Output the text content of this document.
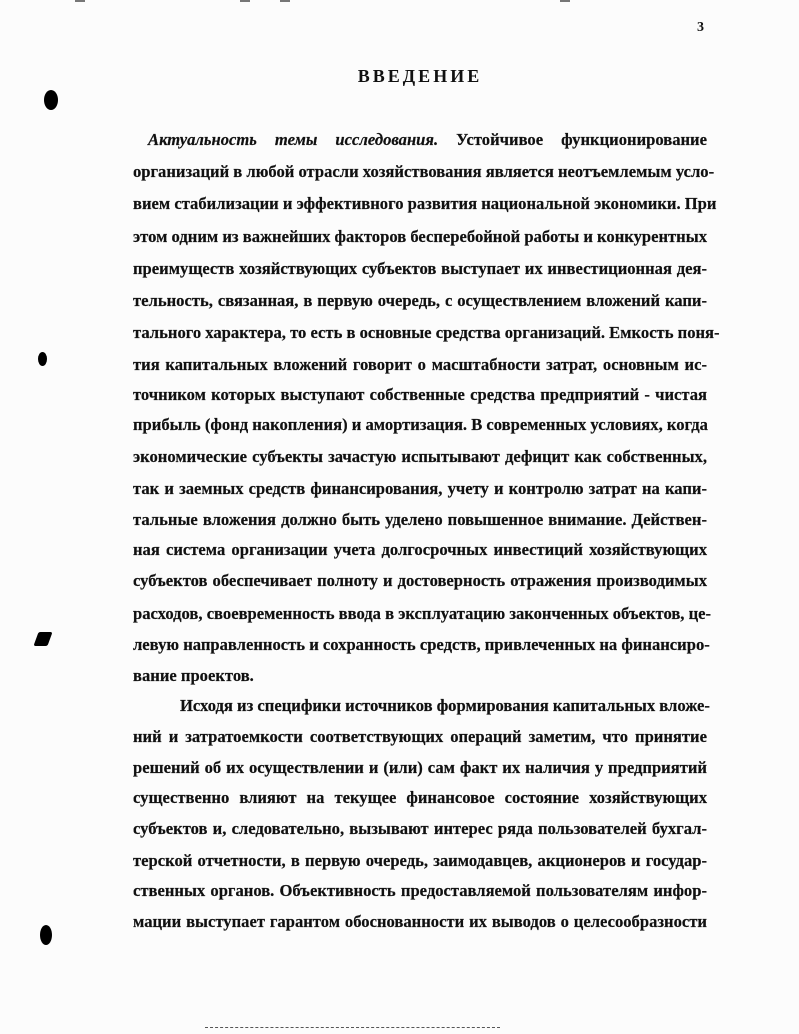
3
ВВЕДЕНИЕ
Актуальность темы исследования. Устойчивое функционирование
организаций в любой отрасли хозяйствования является неотъемлемым усло-
вием стабилизации и эффективного развития национальной экономики. При
этом одним из важнейших факторов бесперебойной работы и конкурентных
преимуществ хозяйствующих субъектов выступает их инвестиционная дея-
тельность, связанная, в первую очередь, с осуществлением вложений капи-
тального характера, то есть в основные средства организаций. Емкость поня-
тия капитальных вложений говорит о масштабности затрат, основным ис-
точником которых выступают собственные средства предприятий - чистая
прибыль (фонд накопления) и амортизация. В современных условиях, когда
экономические субъекты зачастую испытывают дефицит как собственных,
так и заемных средств финансирования, учету и контролю затрат на капи-
тальные вложения должно быть уделено повышенное внимание. Действен-
ная система организации учета долгосрочных инвестиций хозяйствующих
субъектов обеспечивает полноту и достоверность отражения производимых
расходов, своевременность ввода в эксплуатацию законченных объектов, це-
левую направленность и сохранность средств, привлеченных на финансиро-
вание проектов.
Исходя из специфики источников формирования капитальных вложе-
ний и затратоемкости соответствующих операций заметим, что принятие
решений об их осуществлении и (или) сам факт их наличия у предприятий
существенно влияют на текущее финансовое состояние хозяйствующих
субъектов и, следовательно, вызывают интерес ряда пользователей бухгал-
терской отчетности, в первую очередь, заимодавцев, акционеров и государ-
ственных органов. Объективность предоставляемой пользователям инфор-
мации выступает гарантом обоснованности их выводов о целесообразности
